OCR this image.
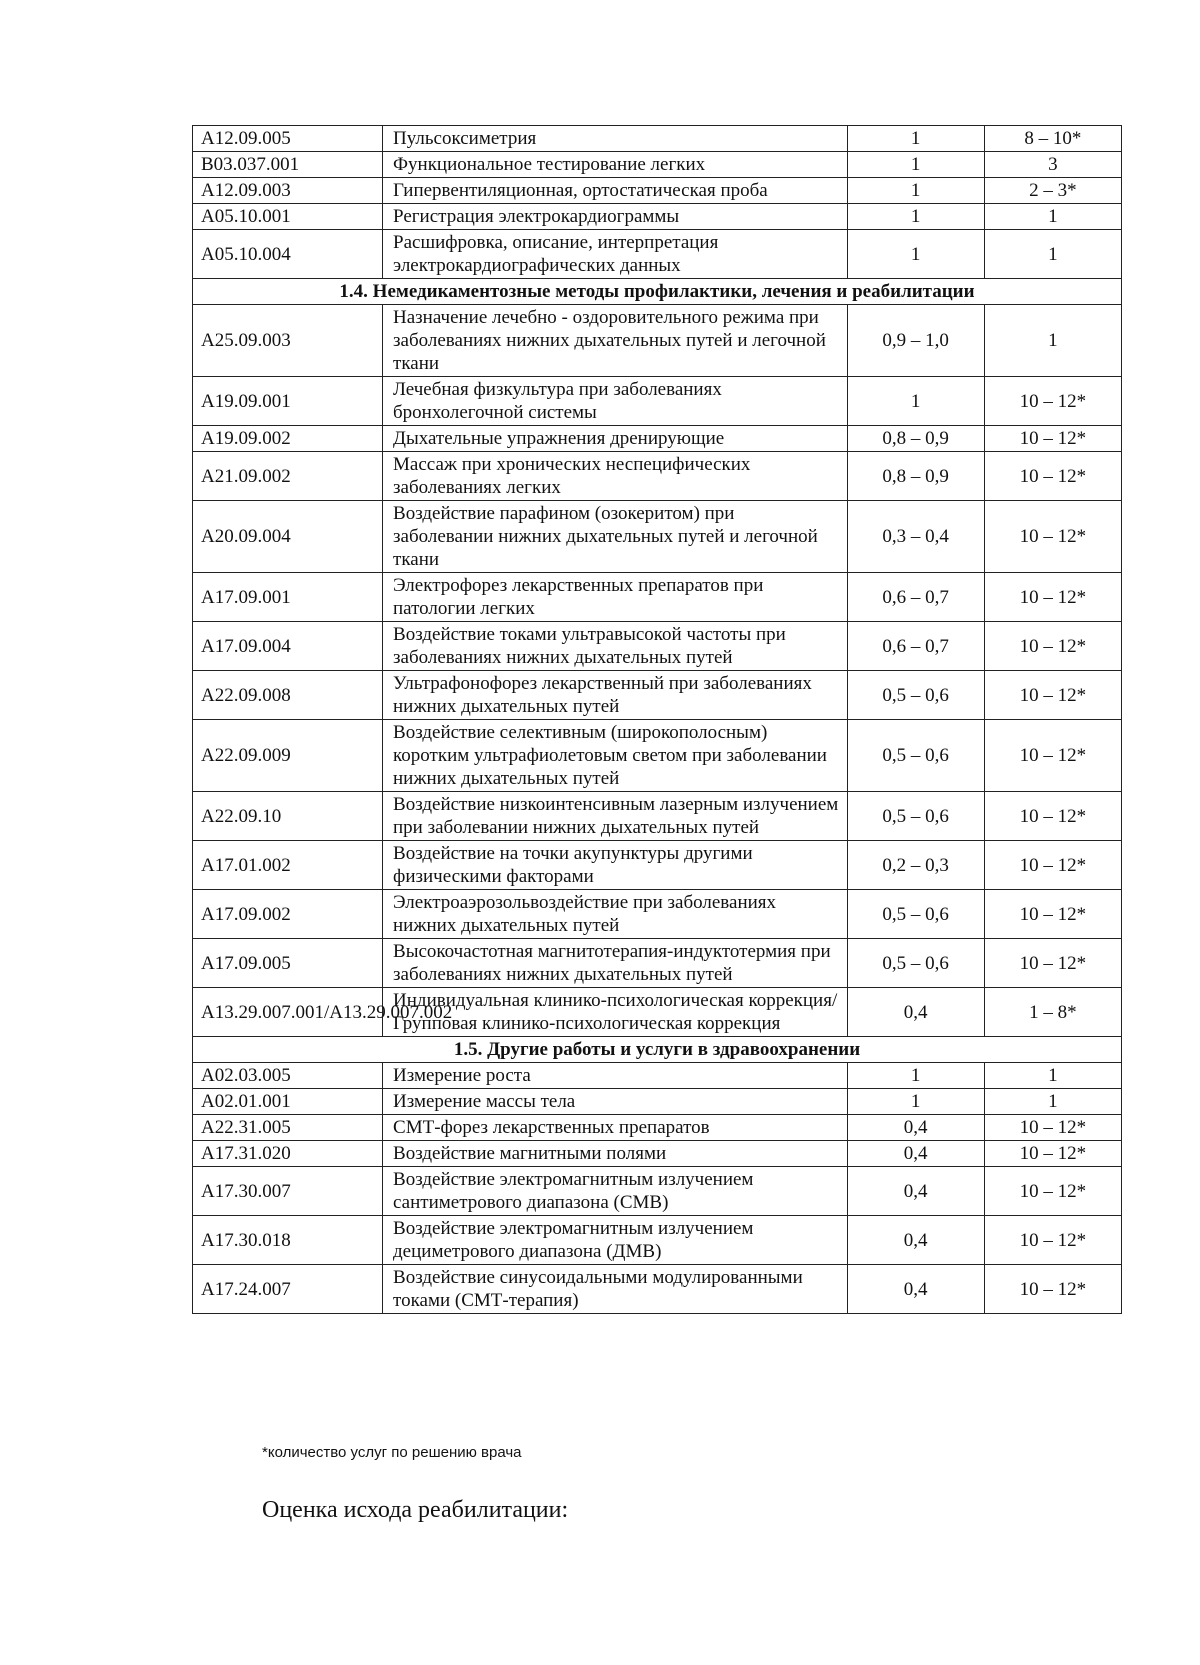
A12.09.005	Пульсоксиметрия	1	8 – 10*
B03.037.001	Функциональное тестирование легких	1	3
A12.09.003	Гипервентиляционная, ортостатическая проба	1	2 – 3*
A05.10.001	Регистрация электрокардиограммы	1	1
A05.10.004	Расшифровка, описание, интерпретация электрокардиографических данных	1	1
1.4. Немедикаментозные методы профилактики, лечения и реабилитации			
A25.09.003	Назначение лечебно - оздоровительного режима при заболеваниях нижних дыхательных путей и легочной ткани	0,9 – 1,0	1
A19.09.001	Лечебная физкультура при заболеваниях бронхолегочной системы	1	10 – 12*
A19.09.002	Дыхательные упражнения дренирующие	0,8 – 0,9	10 – 12*
A21.09.002	Массаж при хронических неспецифических заболеваниях легких	0,8 – 0,9	10 – 12*
A20.09.004	Воздействие парафином (озокеритом) при заболевании нижних дыхательных путей и легочной ткани	0,3 – 0,4	10 – 12*
A17.09.001	Электрофорез лекарственных препаратов при патологии легких	0,6 – 0,7	10 – 12*
A17.09.004	Воздействие токами ультравысокой частоты при заболеваниях нижних дыхательных путей	0,6 – 0,7	10 – 12*
A22.09.008	Ультрафонофорез лекарственный при заболеваниях нижних дыхательных путей	0,5 – 0,6	10 – 12*
A22.09.009	Воздействие селективным (широкополосным) коротким ультрафиолетовым светом при заболевании нижних дыхательных путей	0,5 – 0,6	10 – 12*
A22.09.10	Воздействие низкоинтенсивным лазерным излучением при заболевании нижних дыхательных путей	0,5 – 0,6	10 – 12*
A17.01.002	Воздействие на точки акупунктуры другими физическими факторами	0,2 – 0,3	10 – 12*
A17.09.002	Электроаэрозольвоздействие при заболеваниях нижних дыхательных путей	0,5 – 0,6	10 – 12*
A17.09.005	Высокочастотная магнитотерапия-индуктотермия при заболеваниях нижних дыхательных путей	0,5 – 0,6	10 – 12*
A13.29.007.001/A13.29.007.002	Индивидуальная клинико-психологическая коррекция/Групповая клинико-психологическая коррекция	0,4	1 – 8*
1.5. Другие работы и услуги в здравоохранении			
A02.03.005	Измерение роста	1	1
A02.01.001	Измерение массы тела	1	1
A22.31.005	СМТ-форез лекарственных препаратов	0,4	10 – 12*
A17.31.020	Воздействие магнитными полями	0,4	10 – 12*
A17.30.007	Воздействие электромагнитным излучением сантиметрового диапазона (СМВ)	0,4	10 – 12*
A17.30.018	Воздействие электромагнитным излучением дециметрового диапазона (ДМВ)	0,4	10 – 12*
A17.24.007	Воздействие синусоидальными модулированными токами (СМТ-терапия)	0,4	10 – 12*
*количество услуг по решению врача
Оценка исхода реабилитации:
